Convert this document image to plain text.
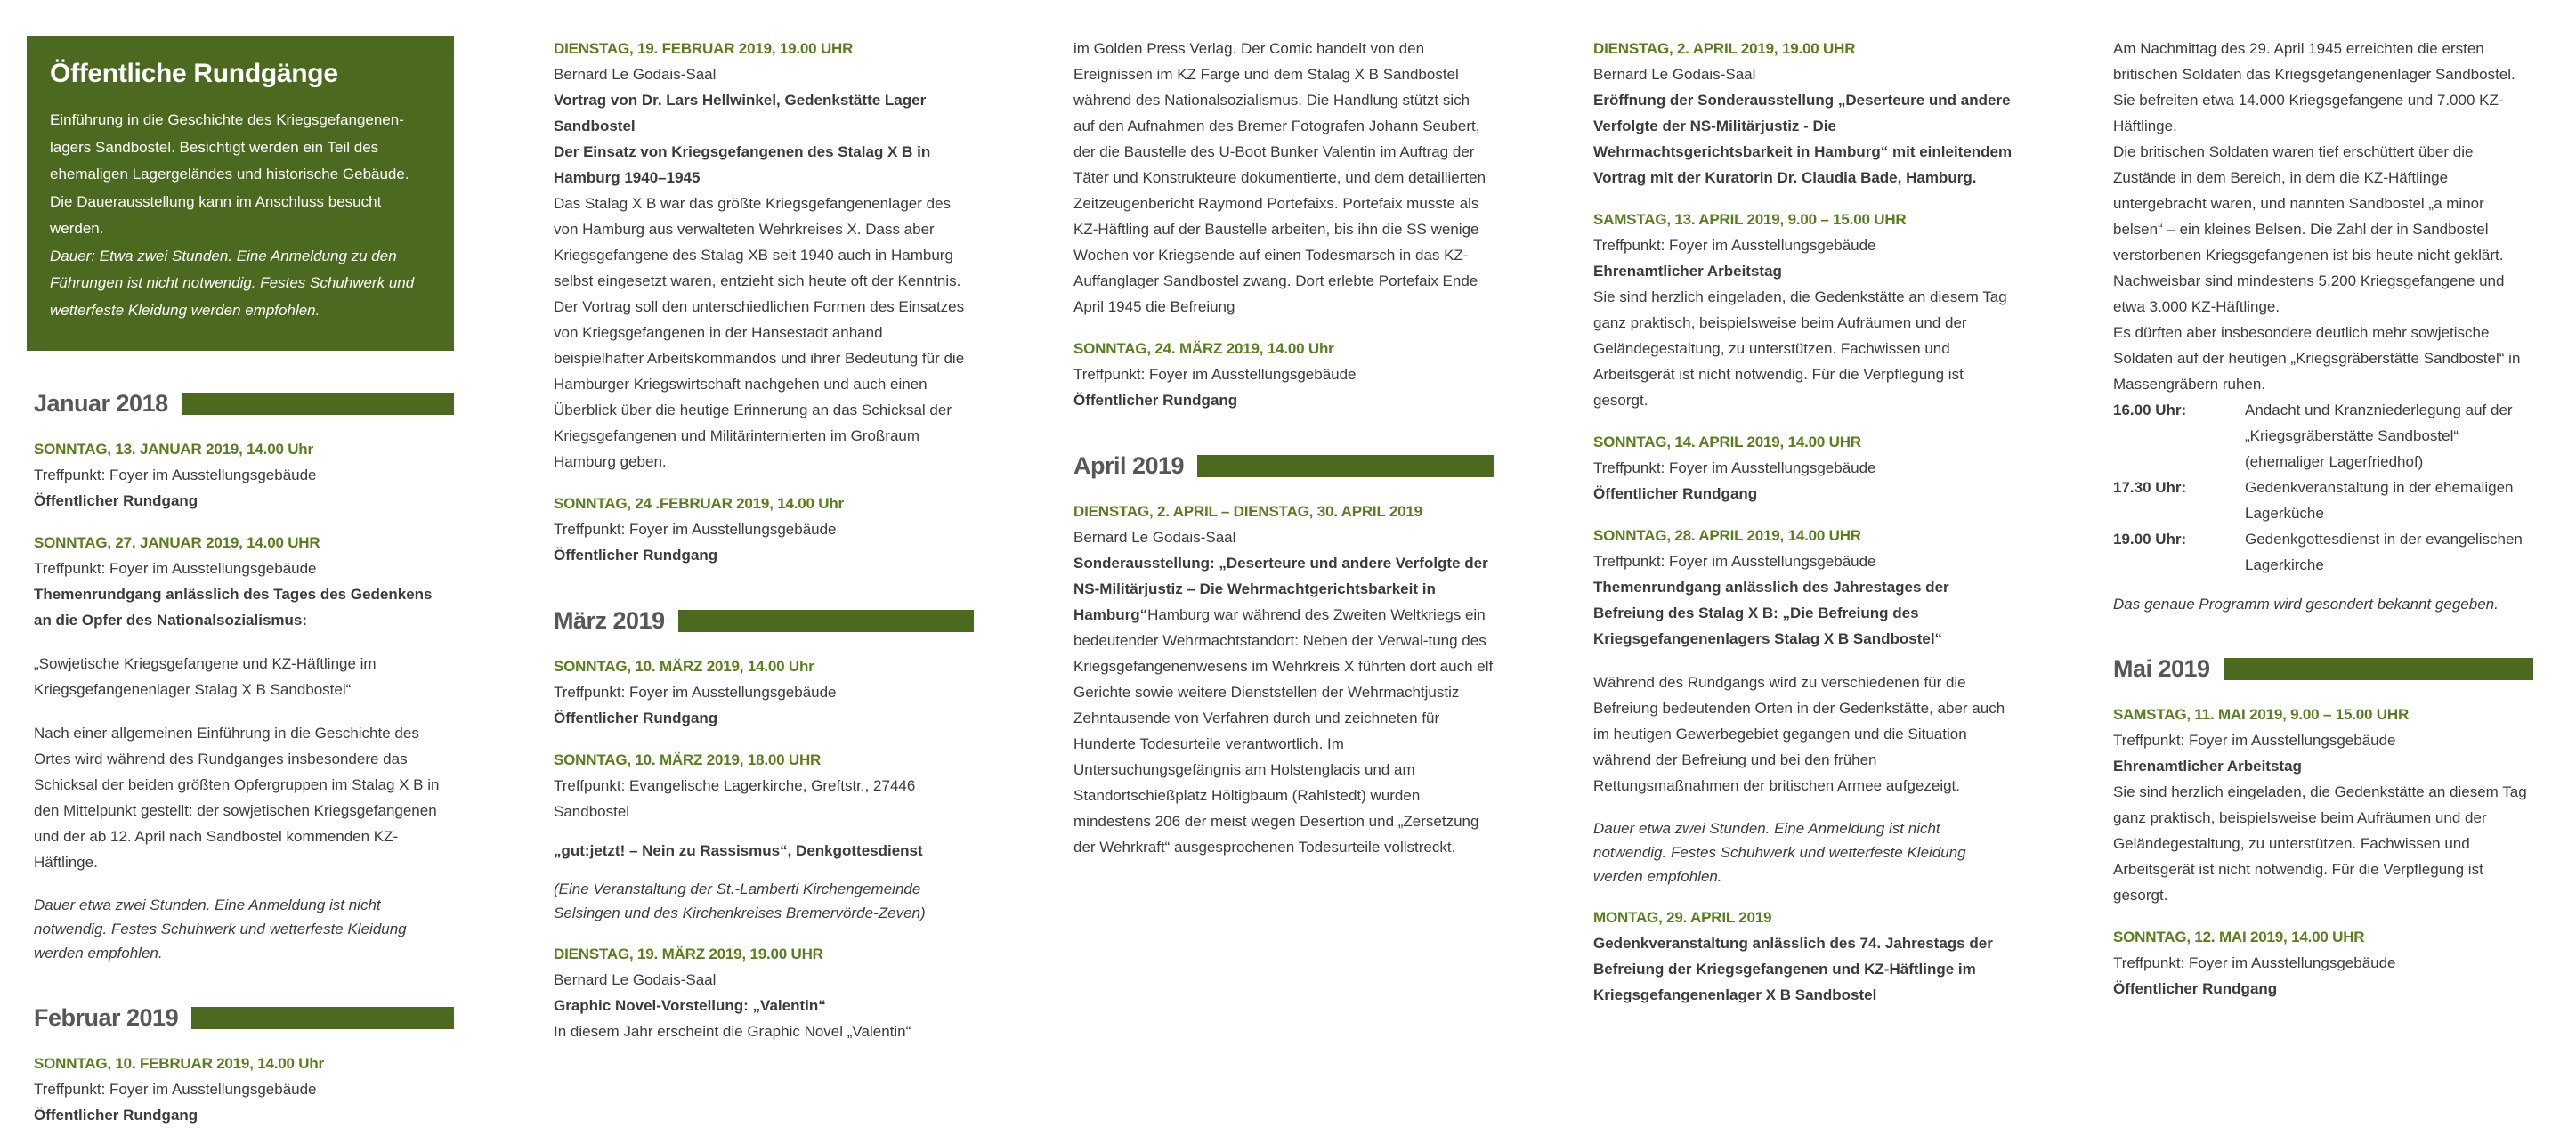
Öffentliche Rundgänge
Einführung in die Geschichte des Kriegsgefangenenlagers Sandbostel. Besichtigt werden ein Teil des ehemaligen Lagergeländes und historische Gebäude. Die Dauerausstellung kann im Anschluss besucht werden.
Dauer: Etwa zwei Stunden. Eine Anmeldung zu den Führungen ist nicht notwendig. Festes Schuhwerk und wetterfeste Kleidung werden empfohlen.
Januar 2018
SONNTAG, 13. JANUAR 2019, 14.00 Uhr
Treffpunkt: Foyer im Ausstellungsgebäude
Öffentlicher Rundgang
SONNTAG, 27. JANUAR 2019, 14.00 UHR
Treffpunkt: Foyer im Ausstellungsgebäude
Themenrundgang anlässlich des Tages des Gedenkens an die Opfer des Nationalsozialismus:
„Sowjetische Kriegsgefangene und KZ-Häftlinge im Kriegsgefangenenlager Stalag X B Sandbostel“
Nach einer allgemeinen Einführung in die Geschichte des Ortes wird während des Rundganges insbesondere das Schicksal der beiden größten Opfergruppen im Stalag X B in den Mittelpunkt gestellt: der sowjetischen Kriegsgefangenen und der ab 12. April nach Sandbostel kommenden KZ-Häftlinge.
Dauer etwa zwei Stunden. Eine Anmeldung ist nicht notwendig. Festes Schuhwerk und wetterfeste Kleidung werden empfohlen.
Februar 2019
SONNTAG, 10. FEBRUAR 2019, 14.00 Uhr
Treffpunkt: Foyer im Ausstellungsgebäude
Öffentlicher Rundgang
DIENSTAG, 19. FEBRUAR 2019, 19.00 UHR
Bernard Le Godais-Saal
Vortrag von Dr. Lars Hellwinkel, Gedenkstätte Lager Sandbostel
Der Einsatz von Kriegsgefangenen des Stalag X B in Hamburg 1940–1945
Das Stalag X B war das größte Kriegsgefangenenlager des von Hamburg aus verwalteten Wehrkreises X. Dass aber Kriegsgefangene des Stalag XB seit 1940 auch in Hamburg selbst eingesetzt waren, entzieht sich heute oft der Kenntnis. Der Vortrag soll den unterschiedlichen Formen des Einsatzes von Kriegsgefangenen in der Hansestadt anhand beispielhafter Arbeitskommandos und ihrer Bedeutung für die Hamburger Kriegswirtschaft nachgehen und auch einen Überblick über die heutige Erinnerung an das Schicksal der Kriegsgefangenen und Militärinternierten im Großraum Hamburg geben.
SONNTAG, 24 .FEBRUAR 2019, 14.00 Uhr
Treffpunkt: Foyer im Ausstellungsgebäude
Öffentlicher Rundgang
März 2019
SONNTAG, 10. MÄRZ 2019, 14.00 Uhr
Treffpunkt: Foyer im Ausstellungsgebäude
Öffentlicher Rundgang
SONNTAG, 10. MÄRZ 2019, 18.00 UHR
Treffpunkt: Evangelische Lagerkirche, Greftstr., 27446 Sandbostel
„gut:jetzt! – Nein zu Rassismus“, Denkgottesdienst
(Eine Veranstaltung der St.-Lamberti Kirchengemeinde Selsingen und des Kirchenkreises Bremervörde-Zeven)
DIENSTAG, 19. MÄRZ 2019, 19.00 UHR
Bernard Le Godais-Saal
Graphic Novel-Vorstellung: „Valentin“
In diesem Jahr erscheint die Graphic Novel „Valentin“
im Golden Press Verlag. Der Comic handelt von den Ereignissen im KZ Farge und dem Stalag X B Sandbostel während des Nationalsozialismus. Die Handlung stützt sich auf den Aufnahmen des Bremer Fotografen Johann Seubert, der die Baustelle des U-Boot Bunker Valentin im Auftrag der Täter und Konstrukteure dokumentierte, und dem detaillierten Zeitzeugenbericht Raymond Portefaixs. Portefaix musste als KZ-Häftling auf der Baustelle arbeiten, bis ihn die SS wenige Wochen vor Kriegsende auf einen Todesmarsch in das KZ-Auffanglager Sandbostel zwang. Dort erlebte Portefaix Ende April 1945 die Befreiung
SONNTAG, 24. MÄRZ 2019, 14.00 Uhr
Treffpunkt: Foyer im Ausstellungsgebäude
Öffentlicher Rundgang
April 2019
DIENSTAG, 2. APRIL – DIENSTAG, 30. APRIL 2019
Bernard Le Godais-Saal
Sonderausstellung: „Deserteure und andere Verfolgte der NS-Militärjustiz – Die Wehrmachtgerichtsbarkeit in Hamburg“Hamburg war während des Zweiten Weltkriegs ein bedeutender Wehrmachtstandort: Neben der Verwal-tung des Kriegsgefangenenwesens im Wehrkreis X führten dort auch elf Gerichte sowie weitere Dienststellen der Wehrmachtjustiz Zehntausende von Verfahren durch und zeichneten für Hunderte Todesurteile verantwortlich. Im Untersuchungsgefängnis am Holstenglacis und am Standortschießplatz Höltigbaum (Rahlstedt) wurden mindestens 206 der meist wegen Desertion und „Zersetzung der Wehrkraft“ ausgesprochenen Todesurteile vollstreckt.
DIENSTAG, 2. APRIL 2019, 19.00 UHR
Bernard Le Godais-Saal
Eröffnung der Sonderausstellung „Deserteure und andere Verfolgte der NS-Militärjustiz - Die Wehrmachtsgerichtsbarkeit in Hamburg“ mit einleitendem Vortrag mit der Kuratorin Dr. Claudia Bade, Hamburg.
SAMSTAG, 13. APRIL 2019, 9.00 – 15.00 UHR
Treffpunkt: Foyer im Ausstellungsgebäude
Ehrenamtlicher Arbeitstag
Sie sind herzlich eingeladen, die Gedenkstätte an diesem Tag ganz praktisch, beispielsweise beim Aufräumen und der Geländegestaltung, zu unterstützen. Fachwissen und Arbeitsgerät ist nicht notwendig. Für die Verpflegung ist gesorgt.
SONNTAG, 14. APRIL 2019, 14.00 UHR
Treffpunkt: Foyer im Ausstellungsgebäude
Öffentlicher Rundgang
SONNTAG, 28. APRIL 2019, 14.00 UHR
Treffpunkt: Foyer im Ausstellungsgebäude
Themenrundgang anlässlich des Jahrestages der Befreiung des Stalag X B: „Die Befreiung des Kriegsgefangenenlagers Stalag X B Sandbostel“
Während des Rundgangs wird zu verschiedenen für die Befreiung bedeutenden Orten in der Gedenkstätte, aber auch im heutigen Gewerbegebiet gegangen und die Situation während der Befreiung und bei den frühen Rettungsmaßnahmen der britischen Armee aufgezeigt.
Dauer etwa zwei Stunden. Eine Anmeldung ist nicht notwendig. Festes Schuhwerk und wetterfeste Kleidung werden empfohlen.
MONTAG, 29. APRIL 2019
Gedenkveranstaltung anlässlich des 74. Jahrestags der Befreiung der Kriegsgefangenen und KZ-Häftlinge im Kriegsgefangenenlager X B Sandbostel
Am Nachmittag des 29. April 1945 erreichten die ersten britischen Soldaten das Kriegsgefangenenlager Sandbostel. Sie befreiten etwa 14.000 Kriegsgefangene und 7.000 KZ-Häftlinge.
Die britischen Soldaten waren tief erschüttert über die Zustände in dem Bereich, in dem die KZ-Häftlinge untergebracht waren, und nannten Sandbostel „a minor belsen“ – ein kleines Belsen. Die Zahl der in Sandbostel verstorbenen Kriegsgefangenen ist bis heute nicht geklärt. Nachweisbar sind mindestens 5.200 Kriegsgefangene und etwa 3.000 KZ-Häftlinge.
Es dürften aber insbesondere deutlich mehr sowjetische Soldaten auf der heutigen „Kriegsgräberstätte Sandbostel“ in Massengräbern ruhen.
16.00 Uhr:	Andacht und Kranzniederlegung auf der „Kriegsgräberstätte Sandbostel“ (ehemaliger Lagerfriedhof)
17.30 Uhr:	Gedenkveranstaltung in der ehemaligen Lagerküche
19.00 Uhr:	Gedenkgottesdienst in der evangelischen Lagerkirche
Das genaue Programm wird gesondert bekannt gegeben.
Mai 2019
SAMSTAG, 11. MAI 2019, 9.00 – 15.00 UHR
Treffpunkt: Foyer im Ausstellungsgebäude
Ehrenamtlicher Arbeitstag
Sie sind herzlich eingeladen, die Gedenkstätte an diesem Tag ganz praktisch, beispielsweise beim Aufräumen und der Geländegestaltung, zu unterstützen. Fachwissen und Arbeitsgerät ist nicht notwendig. Für die Verpflegung ist gesorgt.
SONNTAG, 12. MAI 2019, 14.00 UHR
Treffpunkt: Foyer im Ausstellungsgebäude
Öffentlicher Rundgang
